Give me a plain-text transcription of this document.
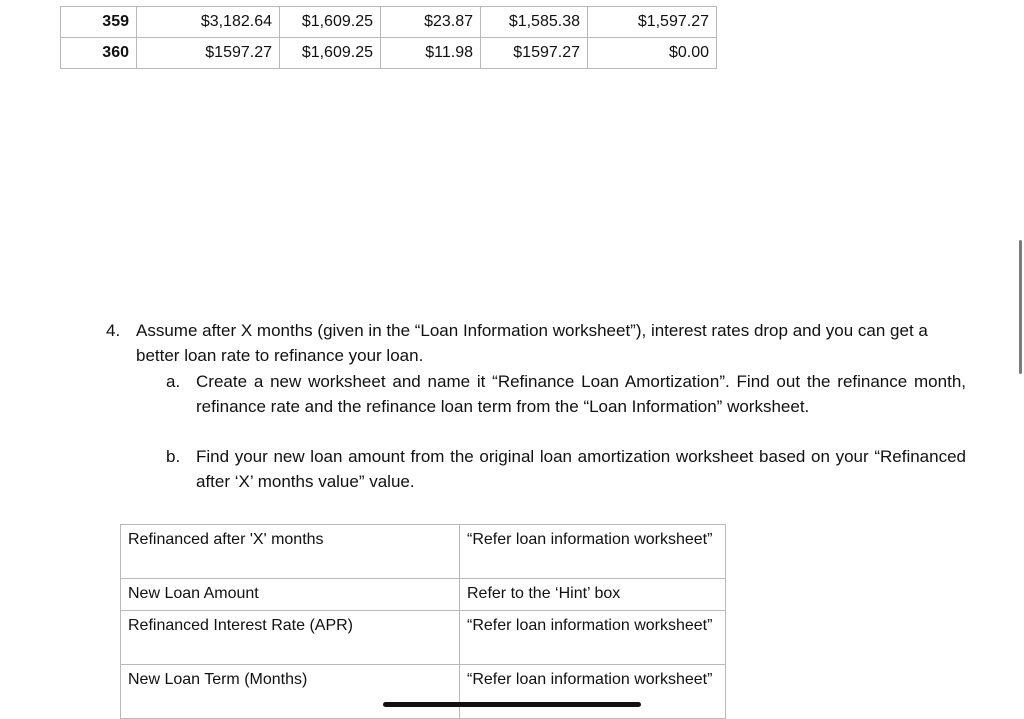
359	$3,182.64	$1,609.25	$23.87	$1,585.38	$1,597.27
360	$1597.27	$1,609.25	$11.98	$1597.27	$0.00
4. Assume after X months (given in the “Loan Information worksheet”), interest rates drop and you can get a better loan rate to refinance your loan.
a. Create a new worksheet and name it “Refinance Loan Amortization”. Find out the refinance month, refinance rate and the refinance loan term from the “Loan Information” worksheet.
b. Find your new loan amount from the original loan amortization worksheet based on your “Refinanced after ‘X’ months value” value.
Refinanced after 'X' months	“Refer loan information worksheet”
New Loan Amount	Refer to the ‘Hint’ box
Refinanced Interest Rate (APR)	“Refer loan information worksheet”
New Loan Term (Months)	“Refer loan information worksheet”
